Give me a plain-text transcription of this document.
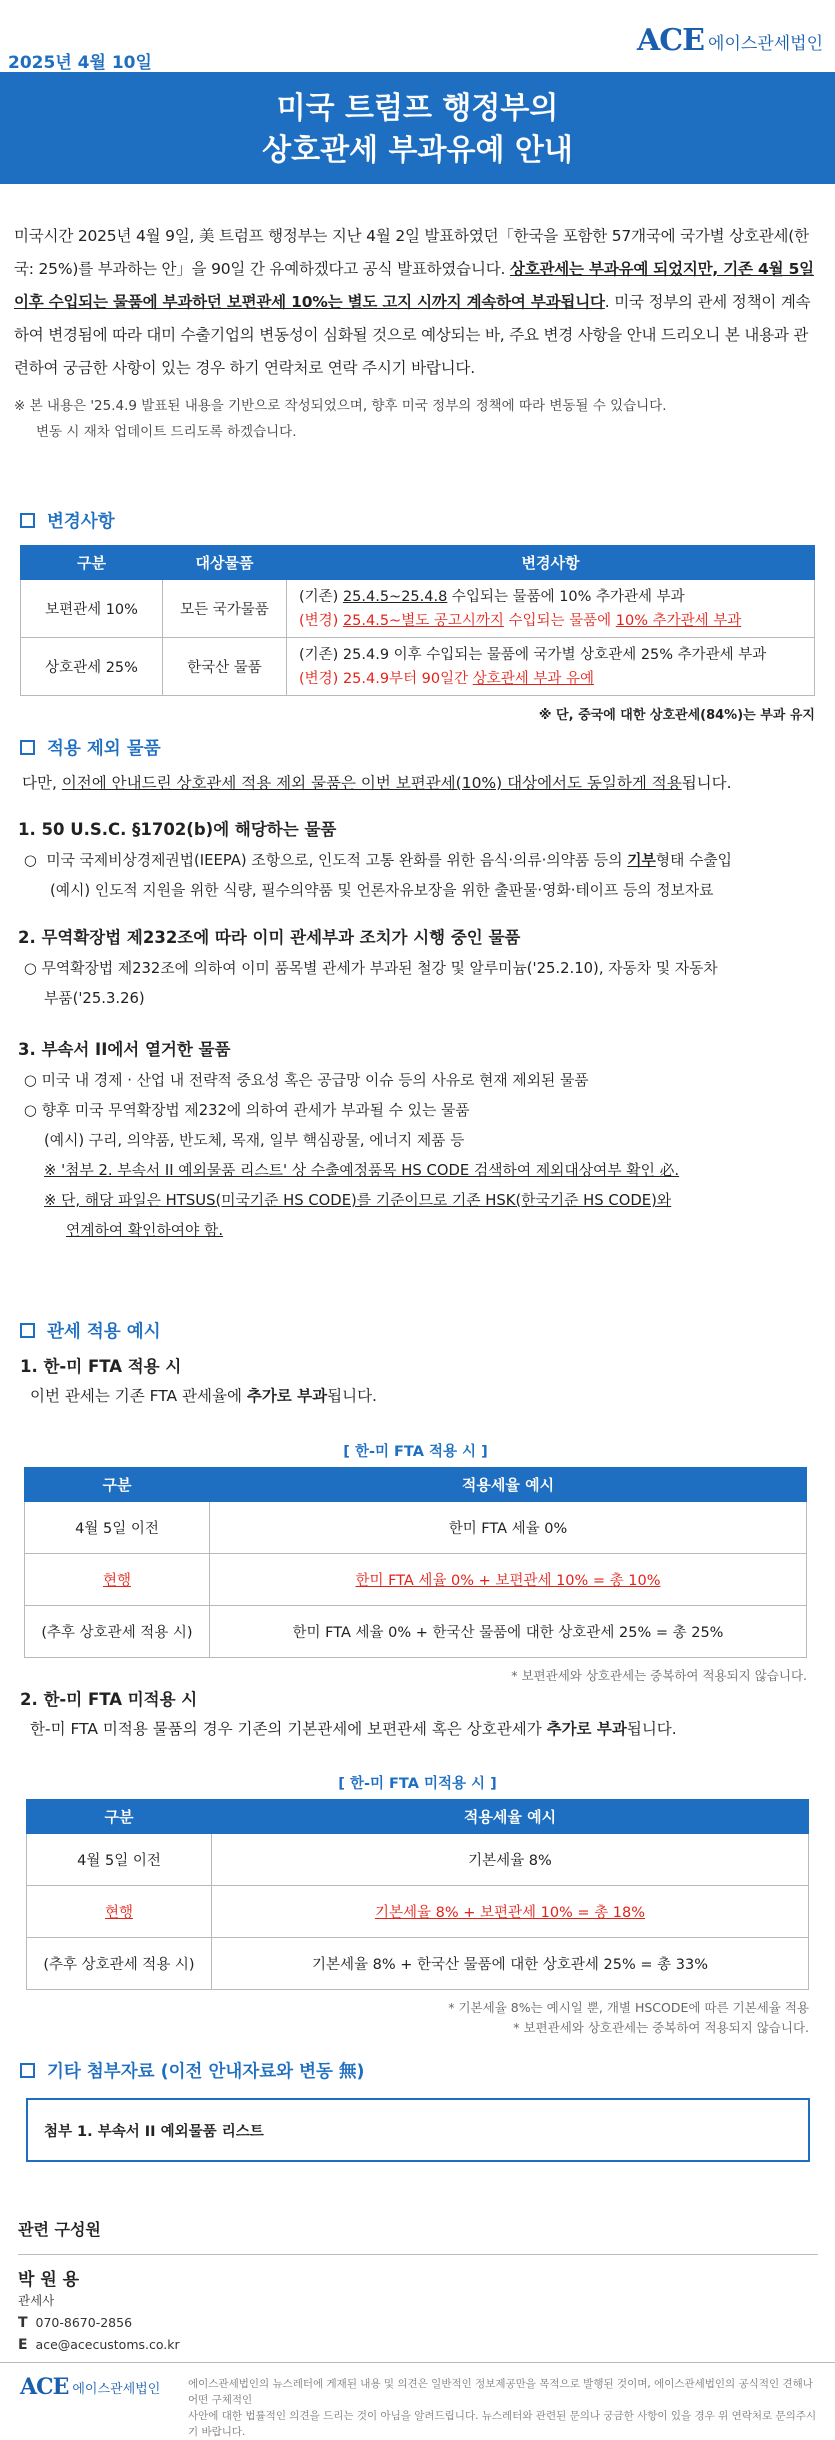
2025년 4월 10일
ACE 에이스관세법인
미국 트럼프 행정부의
상호관세 부과유예 안내
미국시간 2025년 4월 9일, 美 트럼프 행정부는 지난 4월 2일 발표하였던「한국을 포함한 57개국에 국가별 상호관세(한국: 25%)를 부과하는 안」을 90일 간 유예하겠다고 공식 발표하였습니다. 상호관세는 부과유예 되었지만, 기존 4월 5일 이후 수입되는 물품에 부과하던 보편관세 10%는 별도 고지 시까지 계속하여 부과됩니다. 미국 정부의 관세 정책이 계속하여 변경됨에 따라 대미 수출기업의 변동성이 심화될 것으로 예상되는 바, 주요 변경 사항을 안내 드리오니 본 내용과 관련하여 궁금한 사항이 있는 경우 하기 연락처로 연락 주시기 바랍니다.
※ 본 내용은 '25.4.9 발표된 내용을 기반으로 작성되었으며, 향후 미국 정부의 정책에 따라 변동될 수 있습니다.
변동 시 재차 업데이트 드리도록 하겠습니다.
변경사항
구분	대상물품	변경사항
보편관세 10%	모든 국가물품	(기존) 25.4.5~25.4.8 수입되는 물품에 10% 추가관세 부과
(변경) 25.4.5~별도 공고시까지 수입되는 물품에 10% 추가관세 부과

상호관세 25%	한국산 물품	(기존) 25.4.9 이후 수입되는 물품에 국가별 상호관세 25% 추가관세 부과
(변경) 25.4.9부터 90일간 상호관세 부과 유예
※ 단, 중국에 대한 상호관세(84%)는 부과 유지
적용 제외 물품
다만, 이전에 안내드린 상호관세 적용 제외 물품은 이번 보편관세(10%) 대상에서도 동일하게 적용됩니다.
1. 50 U.S.C. §1702(b)에 해당하는 물품
○ 미국 국제비상경제권법(IEEPA) 조항으로, 인도적 고통 완화를 위한 음식·의류·의약품 등의 기부형태 수출입
(예시) 인도적 지원을 위한 식량, 필수의약품 및 언론자유보장을 위한 출판물·영화·테이프 등의 정보자료
2. 무역확장법 제232조에 따라 이미 관세부과 조치가 시행 중인 물품
○ 무역확장법 제232조에 의하여 이미 품목별 관세가 부과된 철강 및 알루미늄('25.2.10), 자동차 및 자동차
부품('25.3.26)
3. 부속서 II에서 열거한 물품
○ 미국 내 경제 · 산업 내 전략적 중요성 혹은 공급망 이슈 등의 사유로 현재 제외된 물품
○ 향후 미국 무역확장법 제232에 의하여 관세가 부과될 수 있는 물품
(예시) 구리, 의약품, 반도체, 목재, 일부 핵심광물, 에너지 제품 등
※ '첨부 2. 부속서 II 예외물품 리스트' 상 수출예정품목 HS CODE 검색하여 제외대상여부 확인 必.
※ 단, 해당 파일은 HTSUS(미국기준 HS CODE)를 기준이므로 기존 HSK(한국기준 HS CODE)와
연계하여 확인하여야 함.
관세 적용 예시
1. 한-미 FTA 적용 시
이번 관세는 기존 FTA 관세율에 추가로 부과됩니다.
[ 한-미 FTA 적용 시 ]
구분	적용세율 예시
4월 5일 이전	한미 FTA 세율 0%
현행	한미 FTA 세율 0% + 보편관세 10% = 총 10%
(추후 상호관세 적용 시)	한미 FTA 세율 0% + 한국산 물품에 대한 상호관세 25% = 총 25%
* 보편관세와 상호관세는 중복하여 적용되지 않습니다.
2. 한-미 FTA 미적용 시
한-미 FTA 미적용 물품의 경우 기존의 기본관세에 보편관세 혹은 상호관세가 추가로 부과됩니다.
[ 한-미 FTA 미적용 시 ]
구분	적용세율 예시
4월 5일 이전	기본세율 8%
현행	기본세율 8% + 보편관세 10% = 총 18%
(추후 상호관세 적용 시)	기본세율 8% + 한국산 물품에 대한 상호관세 25% = 총 33%
* 기본세율 8%는 예시일 뿐, 개별 HSCODE에 따른 기본세율 적용
* 보편관세와 상호관세는 중복하여 적용되지 않습니다.
기타 첨부자료 (이전 안내자료와 변동 無)
첨부 1. 부속서 II 예외물품 리스트
관련 구성원
박 원 용
관세사
T 070-8670-2856
E ace@acecustoms.co.kr
ACE 에이스관세법인	에이스관세법인의 뉴스레터에 게재된 내용 및 의견은 일반적인 정보제공만을 목적으로 발행된 것이며, 에이스관세법인의 공식적인 견해나 어떤 구체적인
사안에 대한 법률적인 의견을 드리는 것이 아님을 알려드립니다. 뉴스레터와 관련된 문의나 궁금한 사항이 있을 경우 위 연락처로 문의주시기 바랍니다.
